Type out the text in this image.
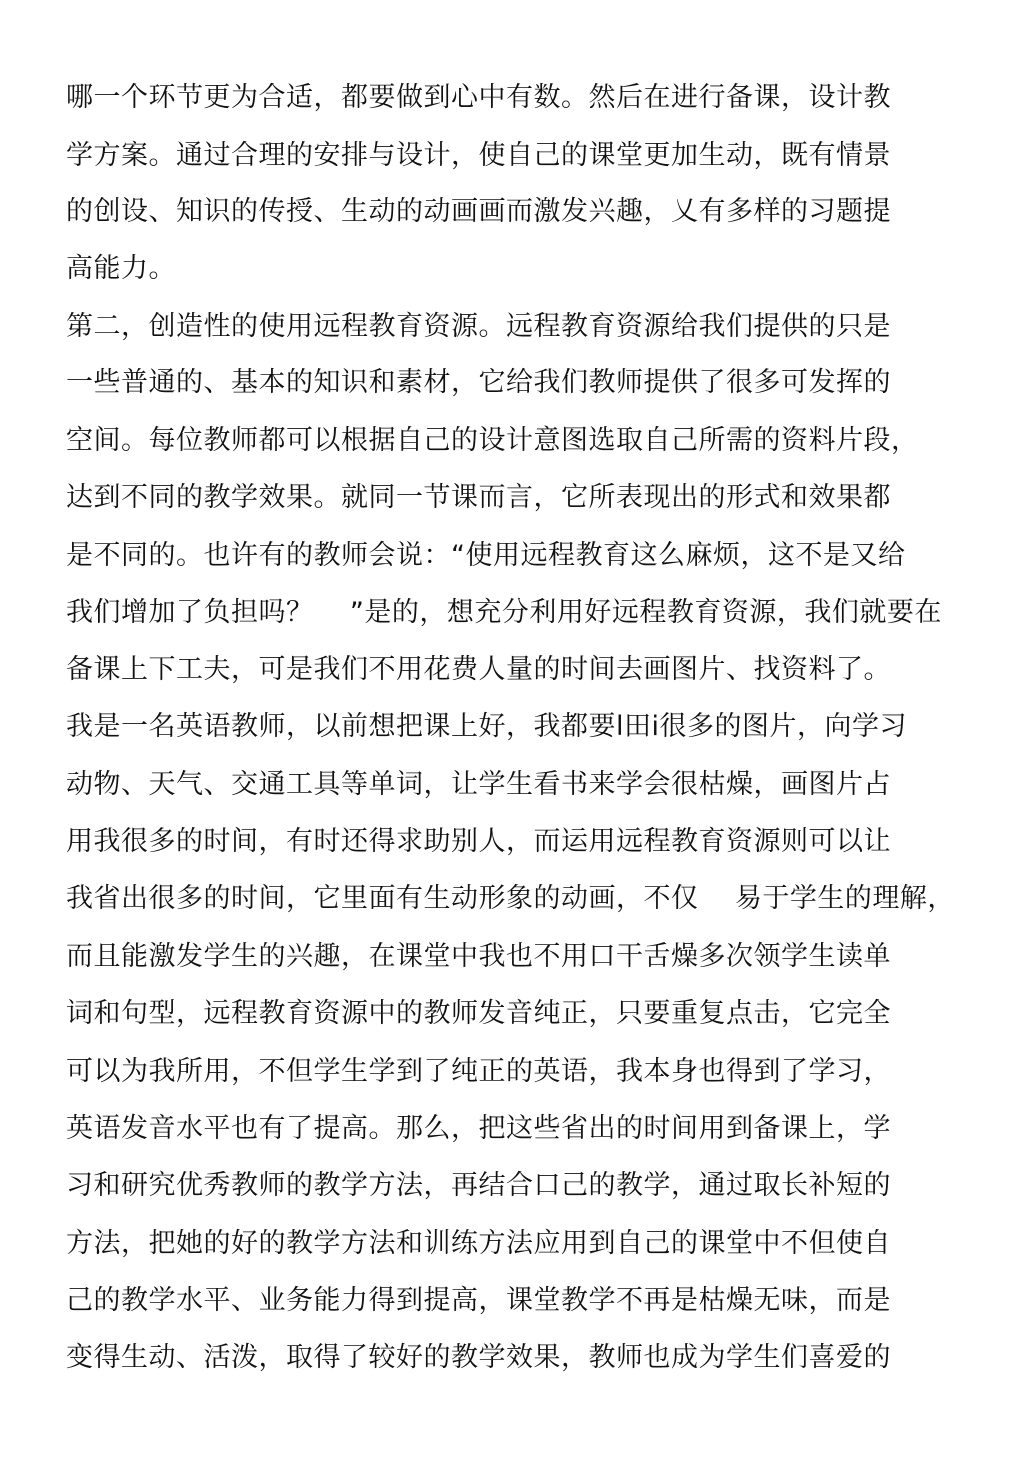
哪一个环节更为合适，都要做到心中有数。然后在进行备课，设计教
学方案。通过合理的安排与设计，使自己的课堂更加生动，既有情景
的创设、知识的传授、生动的动画画而激发兴趣，乂有多样的习题提
高能力。
第二，创造性的使用远程教育资源。远程教育资源给我们提供的只是
一些普通的、基本的知识和素材，它给我们教师提供了很多可发挥的
空间。每位教师都可以根据自己的设计意图选取自己所需的资料片段，
达到不同的教学效果。就同一节课而言，它所表现出的形式和效果都
是不同的。也许有的教师会说：“使用远程教育这么麻烦，这不是又给
我们增加了负担吗？    ”是的，想充分利用好远程教育资源，我们就要在
备课上下工夫，可是我们不用花费人量的时间去画图片、找资料了。
我是一名英语教师，以前想把课上好，我都要l田i很多的图片，向学习
动物、天气、交通工具等单词，让学生看书来学会很枯燥，画图片占
用我很多的时间，有时还得求助别人，而运用远程教育资源则可以让
我省出很多的时间，它里面有生动形象的动画，不仅    易于学生的理解，
而且能激发学生的兴趣，在课堂中我也不用口干舌燥多次领学生读单
词和句型，远程教育资源中的教师发音纯正，只要重复点击，它完全
可以为我所用，不但学生学到了纯正的英语，我本身也得到了学习，
英语发音水平也有了提高。那么，把这些省出的时间用到备课上，学
习和研究优秀教师的教学方法，再结合口己的教学，通过取长补短的
方法，把她的好的教学方法和训练方法应用到自己的课堂中不但使自
己的教学水平、业务能力得到提高，课堂教学不再是枯燥无味，而是
变得生动、活泼，取得了较好的教学效果，教师也成为学生们喜爱的
